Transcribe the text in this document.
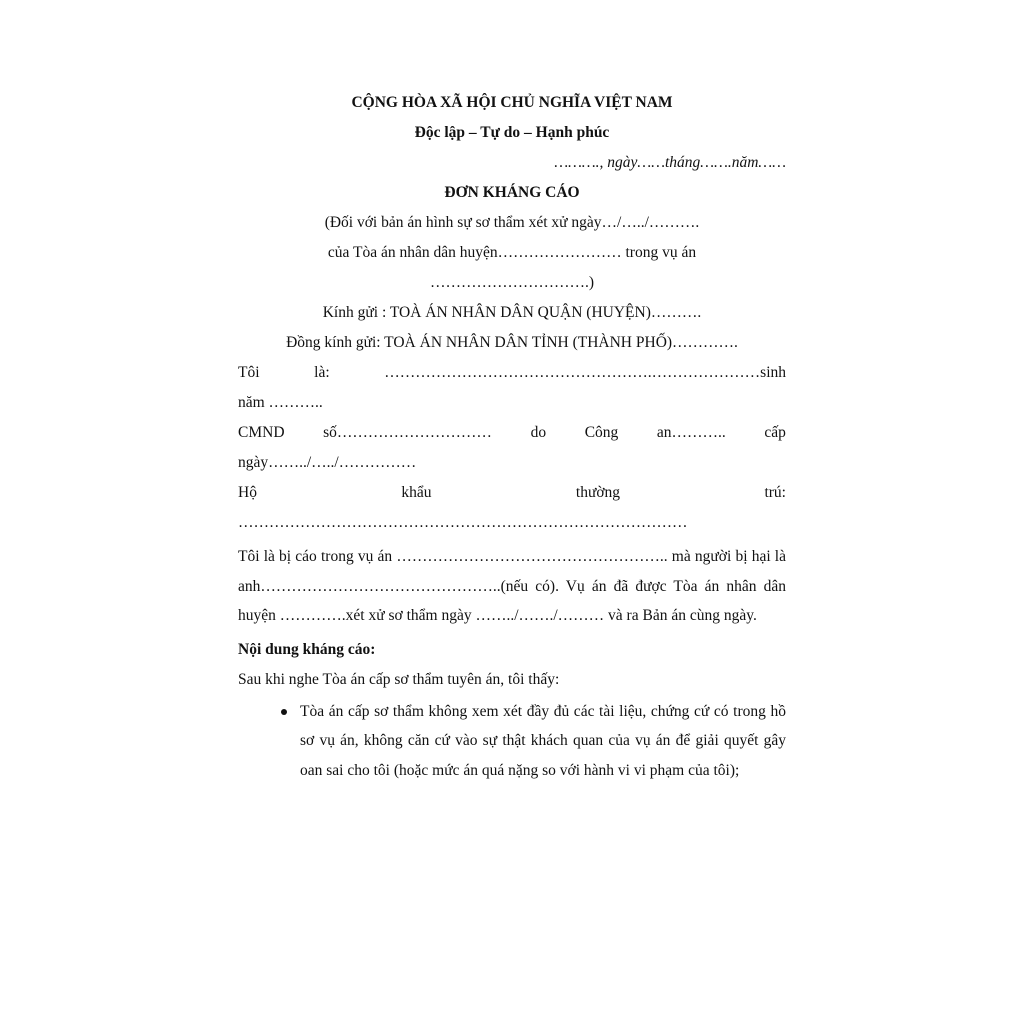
CỘNG HÒA XÃ HỘI CHỦ NGHĨA VIỆT NAM
Độc lập – Tự do – Hạnh phúc
………., ngày……tháng…….năm……
ĐƠN KHÁNG CÁO
(Đối với bản án hình sự sơ thẩm xét xử ngày…/…../……….
của Tòa án nhân dân huyện…………………… trong vụ án
………………………….)
Kính gửi : TOÀ ÁN NHÂN DÂN QUẬN (HUYỆN)……….
Đồng kính gửi: TOÀ ÁN NHÂN DÂN TỈNH (THÀNH PHỐ)………….
Tôi	là:	…………………………………………….…………………sinh
năm ………..
CMND số………………………… do Công an……….. cấp
ngày……../…../……………
Hộ	khẩu	thường	trú:
……………………………………………………………………………
Tôi là bị cáo trong vụ án …………………………………………….. mà người bị hại là anh………………………………………..(nếu có). Vụ án đã được Tòa án nhân dân huyện ………….xét xử sơ thẩm ngày ……../……./……… và ra Bản án cùng ngày.
Nội dung kháng cáo:
Sau khi nghe Tòa án cấp sơ thẩm tuyên án, tôi thấy:
Tòa án cấp sơ thẩm không xem xét đầy đủ các tài liệu, chứng cứ có trong hồ sơ vụ án, không căn cứ vào sự thật khách quan của vụ án để giải quyết gây oan sai cho tôi (hoặc mức án quá nặng so với hành vi vi phạm của tôi);
